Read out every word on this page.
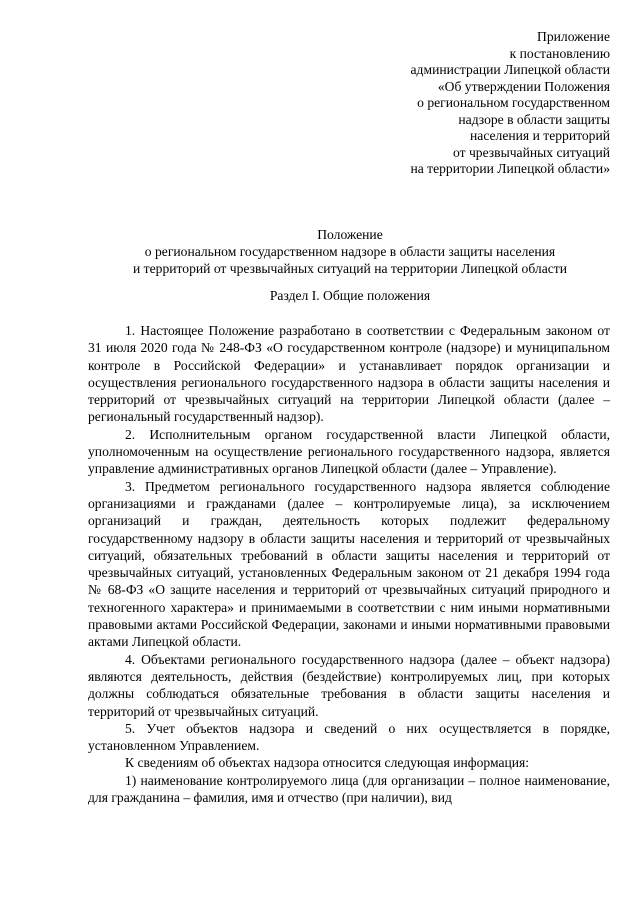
Приложение
к постановлению
администрации Липецкой области
«Об утверждении Положения
о региональном государственном
надзоре в области защиты
населения и территорий
от чрезвычайных ситуаций
на территории Липецкой области»
Положение
о региональном государственном надзоре в области защиты населения
и территорий от чрезвычайных ситуаций на территории Липецкой области
Раздел I. Общие положения

1. Настоящее Положение разработано в соответствии с Федеральным законом от 31 июля 2020 года № 248-ФЗ «О государственном контроле (надзоре) и муниципальном контроле в Российской Федерации» и устанавливает порядок организации и осуществления регионального государственного надзора в области защиты населения и территорий от чрезвычайных ситуаций на территории Липецкой области (далее – региональный государственный надзор).

2. Исполнительным органом государственной власти Липецкой области, уполномоченным на осуществление регионального государственного надзора, является управление административных органов Липецкой области (далее – Управление).

3. Предметом регионального государственного надзора является соблюдение организациями и гражданами (далее – контролируемые лица), за исключением организаций и граждан, деятельность которых подлежит федеральному государственному надзору в области защиты населения и территорий от чрезвычайных ситуаций, обязательных требований в области защиты населения и территорий от чрезвычайных ситуаций, установленных Федеральным законом от 21 декабря 1994 года № 68-ФЗ «О защите населения и территорий от чрезвычайных ситуаций природного и техногенного характера» и принимаемыми в соответствии с ним иными нормативными правовыми актами Российской Федерации, законами и иными нормативными правовыми актами Липецкой области.

4. Объектами регионального государственного надзора (далее – объект надзора) являются деятельность, действия (бездействие) контролируемых лиц, при которых должны соблюдаться обязательные требования в области защиты населения и территорий от чрезвычайных ситуаций.

5. Учет объектов надзора и сведений о них осуществляется в порядке, установленном Управлением.

К сведениям об объектах надзора относится следующая информация:

1) наименование контролируемого лица (для организации – полное наименование, для гражданина – фамилия, имя и отчество (при наличии), вид
